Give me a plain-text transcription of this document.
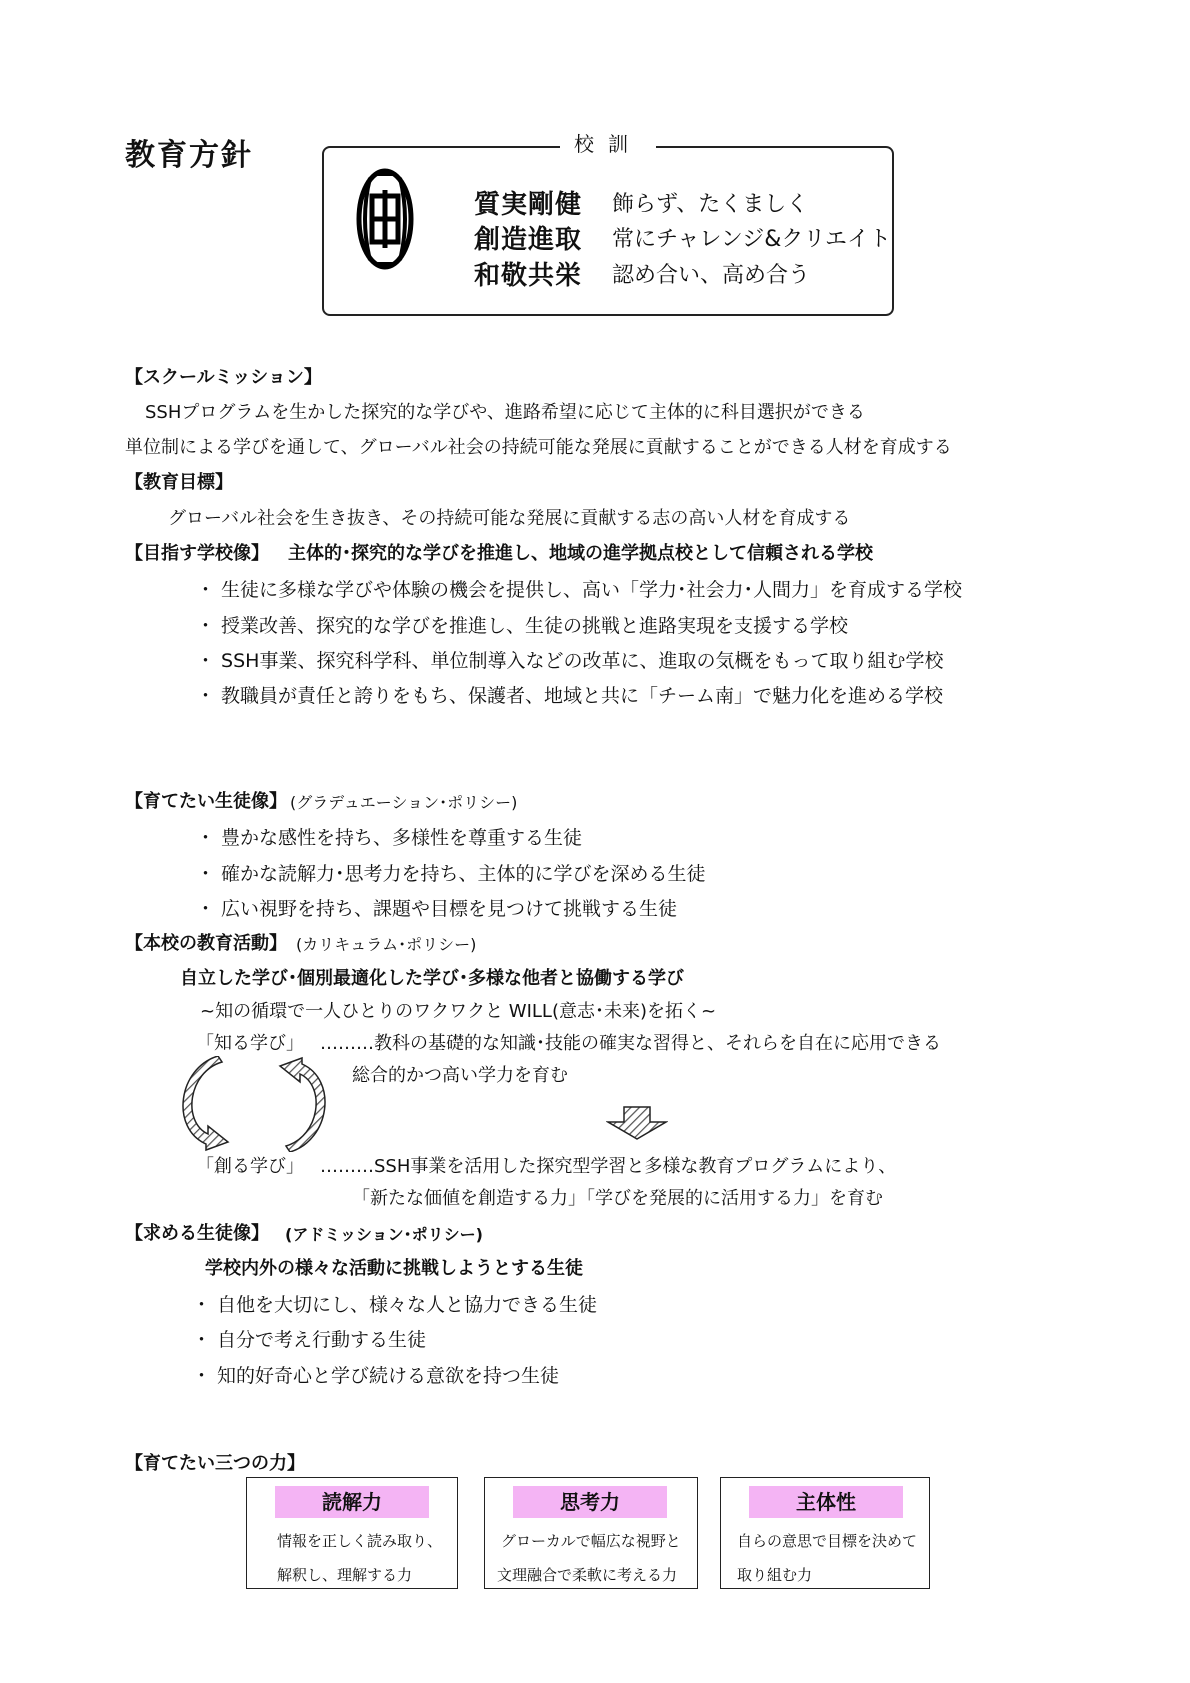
教育方針	校訓
質実剛健 飾らず、たくましく
創造進取 常にチャレンジ&クリエイト
和敬共栄 認め合い、高め合う
【スクールミッション】
SSHプログラムを生かした探究的な学びや、進路希望に応じて主体的に科目選択ができる
単位制による学びを通して、グローバル社会の持続可能な発展に貢献することができる人材を育成する
【教育目標】
グローバル社会を生き抜き、その持続可能な発展に貢献する志の高い人材を育成する
【目指す学校像】 主体的･探究的な学びを推進し、地域の進学拠点校として信頼される学校
・ 生徒に多様な学びや体験の機会を提供し、高い「学力･社会力･人間力」を育成する学校
・ 授業改善、探究的な学びを推進し、生徒の挑戦と進路実現を支援する学校
・ SSH事業、探究科学科、単位制導入などの改革に、進取の気概をもって取り組む学校
・ 教職員が責任と誇りをもち、保護者、地域と共に「チーム南」で魅力化を進める学校
【育てたい生徒像】 (グラデュエーション･ポリシー)
・ 豊かな感性を持ち、多様性を尊重する生徒
・ 確かな読解力･思考力を持ち、主体的に学びを深める生徒
・ 広い視野を持ち、課題や目標を見つけて挑戦する生徒
【本校の教育活動】 (カリキュラム･ポリシー)
自立した学び･個別最適化した学び･多様な他者と協働する学び
~知の循環で一人ひとりのワクワクと WILL(意志･未来)を拓く~
「知る学び」 ………教科の基礎的な知識･技能の確実な習得と、それらを自在に応用できる
総合的かつ高い学力を育む
「創る学び」 ………SSH事業を活用した探究型学習と多様な教育プログラムにより、
「新たな価値を創造する力」「学びを発展的に活用する力」を育む
【求める生徒像】 (アドミッション･ポリシー)
学校内外の様々な活動に挑戦しようとする生徒
・ 自他を大切にし、様々な人と協力できる生徒
・ 自分で考え行動する生徒
・ 知的好奇心と学び続ける意欲を持つ生徒
【育てたい三つの力】
読解力
情報を正しく読み取り、
解釈し、理解する力
思考力
グローカルで幅広な視野と
文理融合で柔軟に考える力
主体性
自らの意思で目標を決めて
取り組む力
